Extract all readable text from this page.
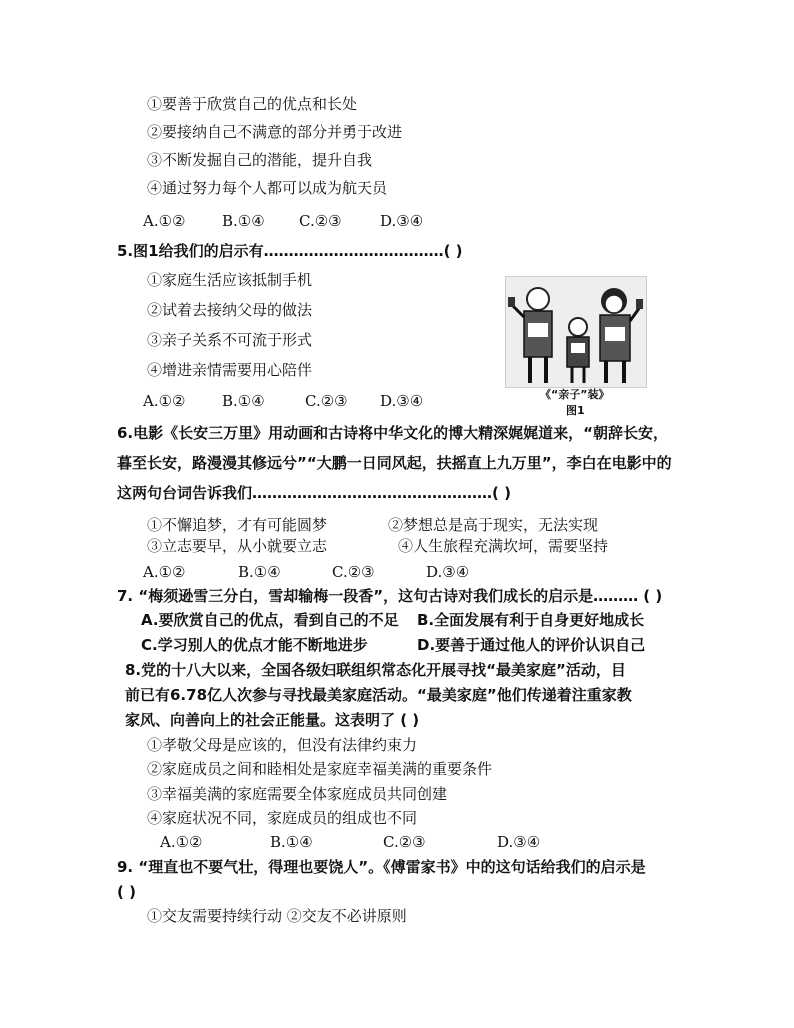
①要善于欣赏自己的优点和长处
②要接纳自己不满意的部分并勇于改进
③不断发掘自己的潜能，提升自我
④通过努力每个人都可以成为航天员
A.①② B.①④ C.②③	D.③④
5.图1给我们的启示有………………………………( )
①家庭生活应该抵制手机
②试着去接纳父母的做法
③亲子关系不可流于形式
④增进亲情需要用心陪伴
A.①② B.①④	C.②③ D.③④	《“亲子”装》
图1
6.电影《长安三万里》用动画和古诗将中华文化的博大精深娓娓道来，“朝辞长安，
暮至长安，路漫漫其修远兮”“大鹏一日同风起，扶摇直上九万里”，李白在电影中的
这两句台词告诉我们…………………………………………( )
①不懈追梦，才有可能圆梦	②梦想总是高于现实，无法实现
③立志要早，从小就要立志	④人生旅程充满坎坷，需要坚持
A.①②	B.①④	C.②③	D.③④
7. “梅须逊雪三分白，雪却输梅一段香”，这句古诗对我们成长的启示是……… ( )
A.要欣赏自己的优点，看到自己的不足 B.全面发展有利于自身更好地成长
C.学习别人的优点才能不断地进步	D.要善于通过他人的评价认识自己
8.党的十八大以来，全国各级妇联组织常态化开展寻找“最美家庭”活动，目
前已有6.78亿人次参与寻找最美家庭活动。“最美家庭”他们传递着注重家教
家风、向善向上的社会正能量。这表明了 ( )
①孝敬父母是应该的，但没有法律约束力
②家庭成员之间和睦相处是家庭幸福美满的重要条件
③幸福美满的家庭需要全体家庭成员共同创建
④家庭状况不同，家庭成员的组成也不同
A.①②	B.①④	C.②③	D.③④
9. “理直也不要气壮，得理也要饶人”。《傅雷家书》中的这句话给我们的启示是
( )
①交友需要持续行动 ②交友不必讲原则
